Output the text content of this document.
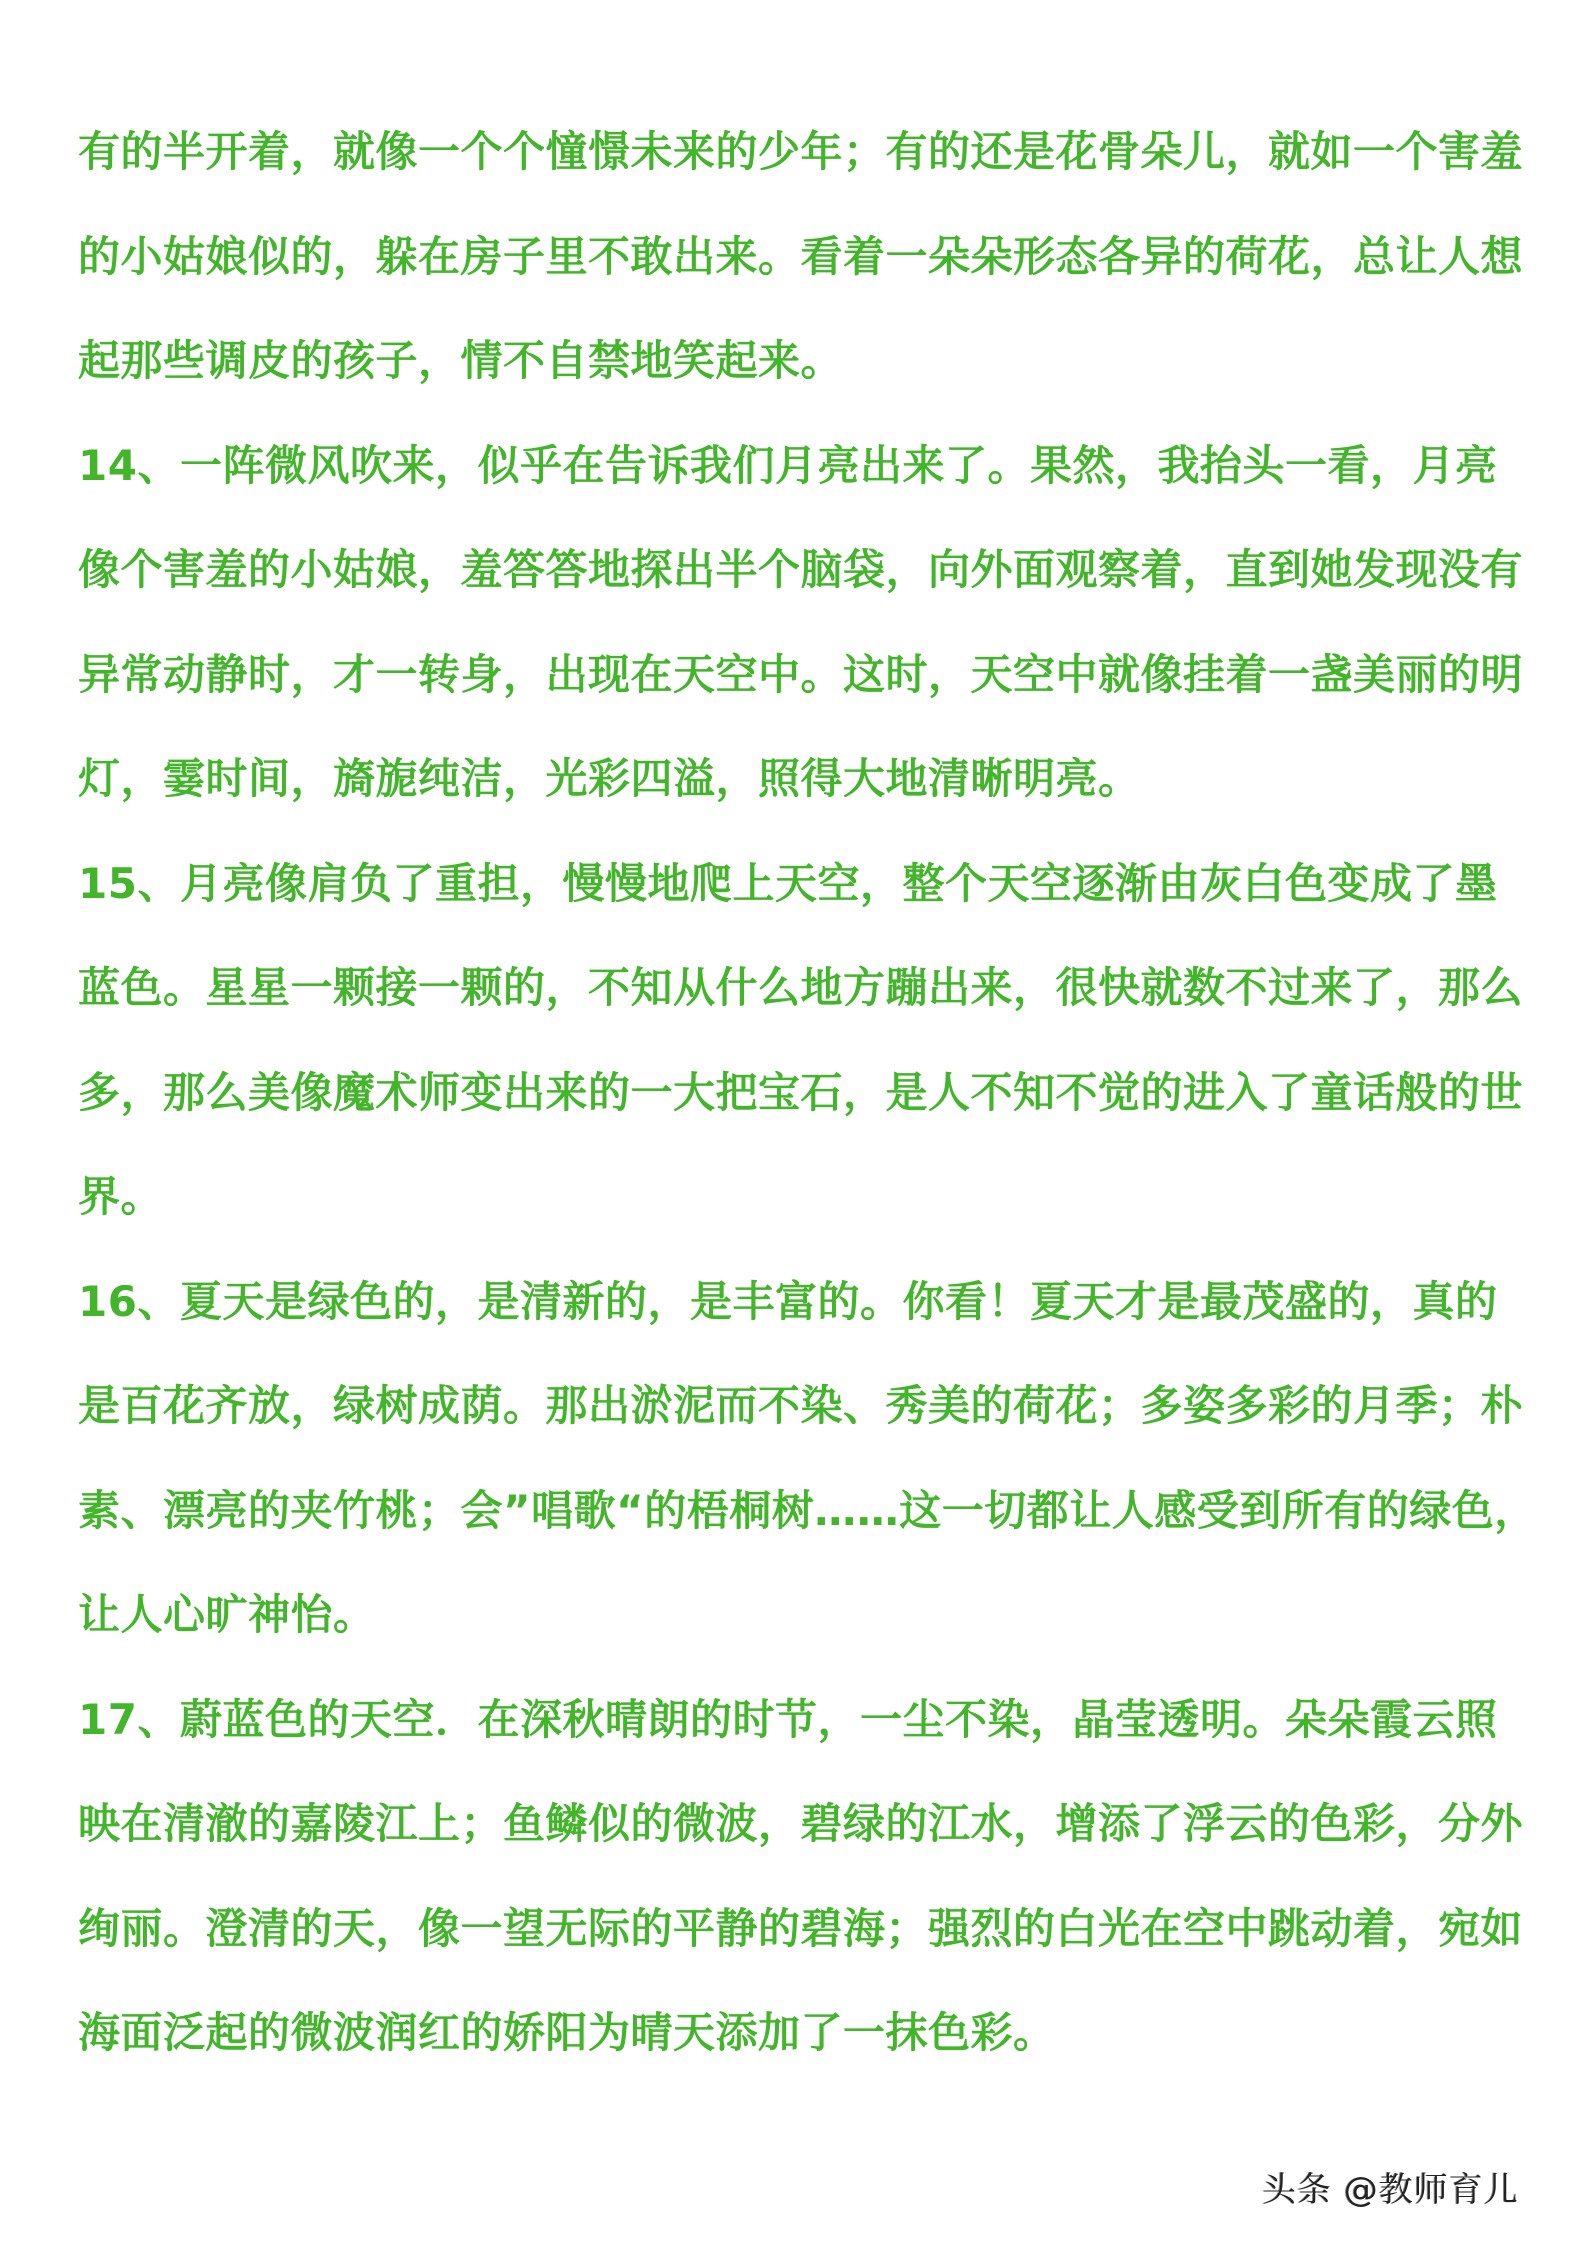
有的半开着，就像一个个憧憬未来的少年；有的还是花骨朵儿，就如一个害羞
的小姑娘似的，躲在房子里不敢出来。看着一朵朵形态各异的荷花，总让人想
起那些调皮的孩子，情不自禁地笑起来。
14、一阵微风吹来，似乎在告诉我们月亮出来了。果然，我抬头一看，月亮
像个害羞的小姑娘，羞答答地探出半个脑袋，向外面观察着，直到她发现没有
异常动静时，才一转身，出现在天空中。这时，天空中就像挂着一盏美丽的明
灯，霎时间，旖旎纯洁，光彩四溢，照得大地清晰明亮。
15、月亮像肩负了重担，慢慢地爬上天空，整个天空逐渐由灰白色变成了墨
蓝色。星星一颗接一颗的，不知从什么地方蹦出来，很快就数不过来了，那么
多，那么美像魔术师变出来的一大把宝石，是人不知不觉的进入了童话般的世
界。
16、夏天是绿色的，是清新的，是丰富的。你看！夏天才是最茂盛的，真的
是百花齐放，绿树成荫。那出淤泥而不染、秀美的荷花；多姿多彩的月季；朴
素、漂亮的夹竹桃；会”唱歌“的梧桐树……这一切都让人感受到所有的绿色，
让人心旷神怡。
17、蔚蓝色的天空．在深秋晴朗的时节，一尘不染，晶莹透明。朵朵霞云照
映在清澈的嘉陵江上；鱼鳞似的微波，碧绿的江水，增添了浮云的色彩，分外
绚丽。澄清的天，像一望无际的平静的碧海；强烈的白光在空中跳动着，宛如
海面泛起的微波润红的娇阳为晴天添加了一抹色彩。
头条 @教师育儿
